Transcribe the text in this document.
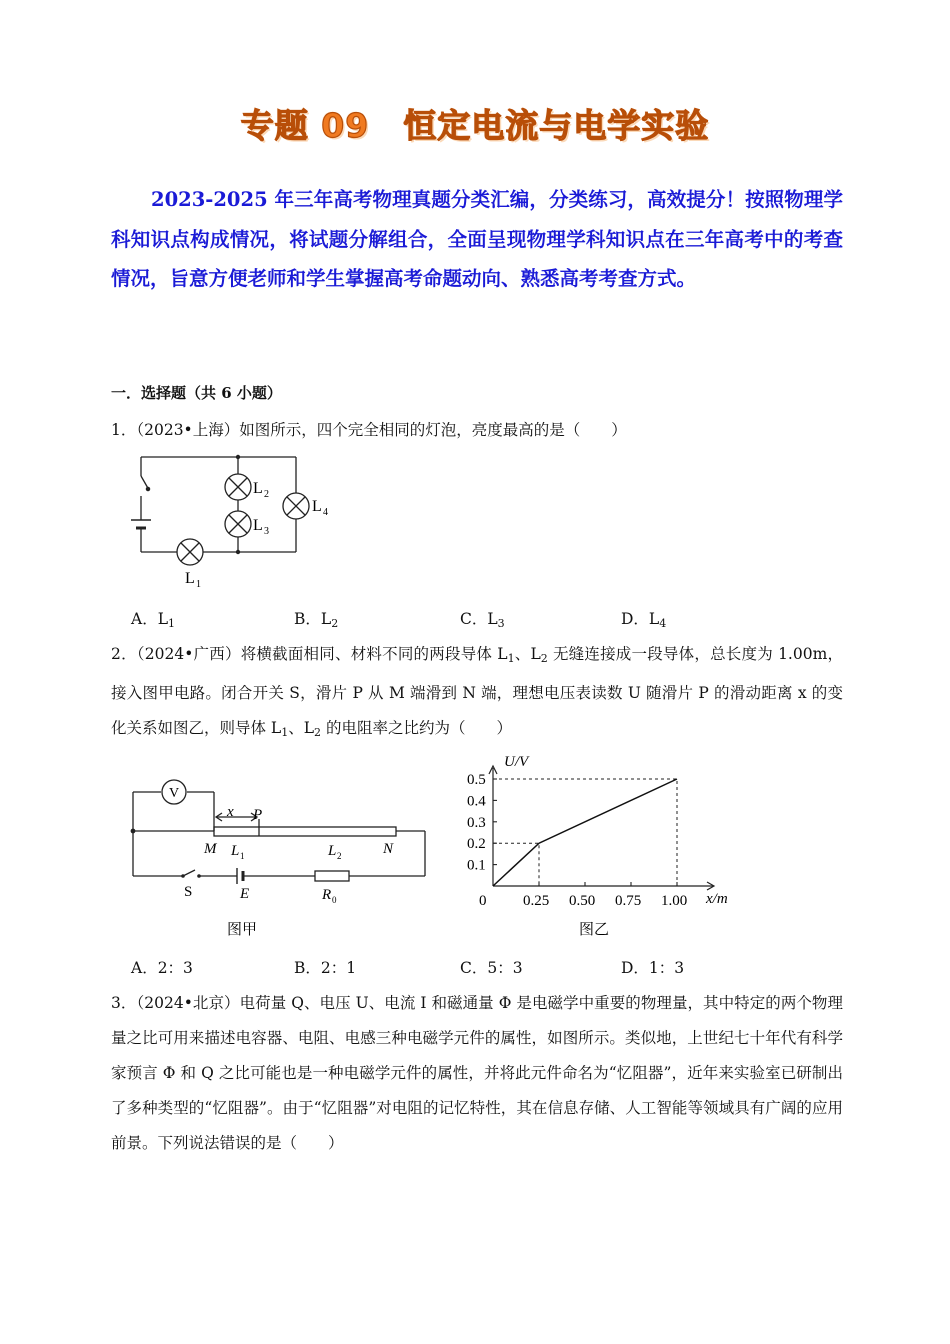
专题 09 恒定电流与电学实验
2023-2025 年三年高考物理真题分类汇编，分类练习，高效提分！按照物理学科知识点构成情况，将试题分解组合，全面呈现物理学科知识点在三年高考中的考查情况，旨意方便老师和学生掌握高考命题动向、熟悉高考考查方式。
一．选择题（共 6 小题）
1．（2023•上海）如图所示，四个完全相同的灯泡，亮度最高的是（　　）
L 2
L 3
L 4
L 1
A．$L_1$	B．$L_2$	C．$L_3$	D．$L_4$
2．（2024•广西）将横截面相同、材料不同的两段导体 $L_1$、$L_2$ 无缝连接成一段导体，总长度为 1.00m，接入图甲电路。闭合开关 S，滑片 P 从 M 端滑到 N 端，理想电压表读数 U 随滑片 P 的滑动距离 x 的变化关系如图乙，则导体 $L_1$、$L_2$ 的电阻率之比约为（　　）
V
x P
M L 1	L 2	N
S	E	R 0
图甲
0.1
0.2
0.3
0.4
0.5
0.25 0.50 0.75 1.00
U/V
x/m
0
图乙
A．2：3	B．2：1	C．5：3	D．1：3
3．（2024•北京）电荷量 Q、电压 U、电流 I 和磁通量 Φ 是电磁学中重要的物理量，其中特定的两个物理量之比可用来描述电容器、电阻、电感三种电磁学元件的属性，如图所示。类似地，上世纪七十年代有科学家预言 Φ 和 Q 之比可能也是一种电磁学元件的属性，并将此元件命名为“忆阻器”，近年来实验室已研制出了多种类型的“忆阻器”。由于“忆阻器”对电阻的记忆特性，其在信息存储、人工智能等领域具有广阔的应用前景。下列说法错误的是（　　）
